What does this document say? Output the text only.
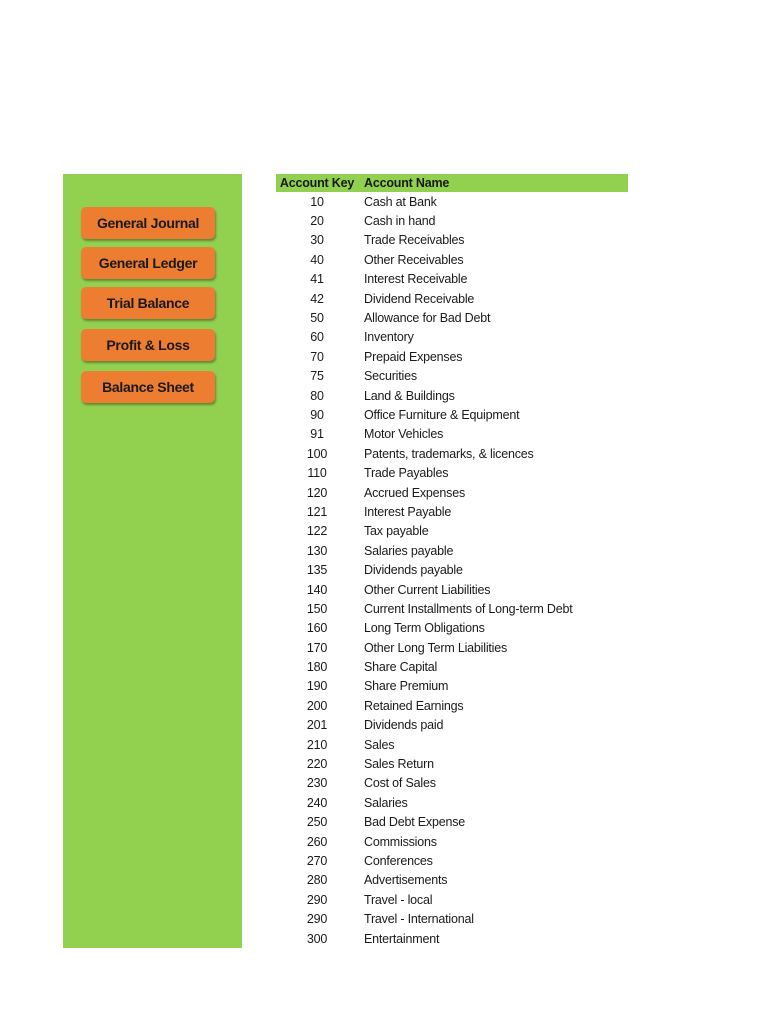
General Journal
General Ledger
Trial Balance
Profit & Loss
Balance Sheet
Account Key	Account Name
10	Cash at Bank
20	Cash in hand
30	Trade Receivables
40	Other Receivables
41	Interest Receivable
42	Dividend Receivable
50	Allowance for Bad Debt
60	Inventory
70	Prepaid Expenses
75	Securities
80	Land & Buildings
90	Office Furniture & Equipment
91	Motor Vehicles
100	Patents, trademarks, & licences
110	Trade Payables
120	Accrued Expenses
121	Interest Payable
122	Tax payable
130	Salaries payable
135	Dividends payable
140	Other Current Liabilities
150	Current Installments of Long-term Debt
160	Long Term Obligations
170	Other Long Term Liabilities
180	Share Capital
190	Share Premium
200	Retained Earnings
201	Dividends paid
210	Sales
220	Sales Return
230	Cost of Sales
240	Salaries
250	Bad Debt Expense
260	Commissions
270	Conferences
280	Advertisements
290	Travel - local
290	Travel - International
300	Entertainment
